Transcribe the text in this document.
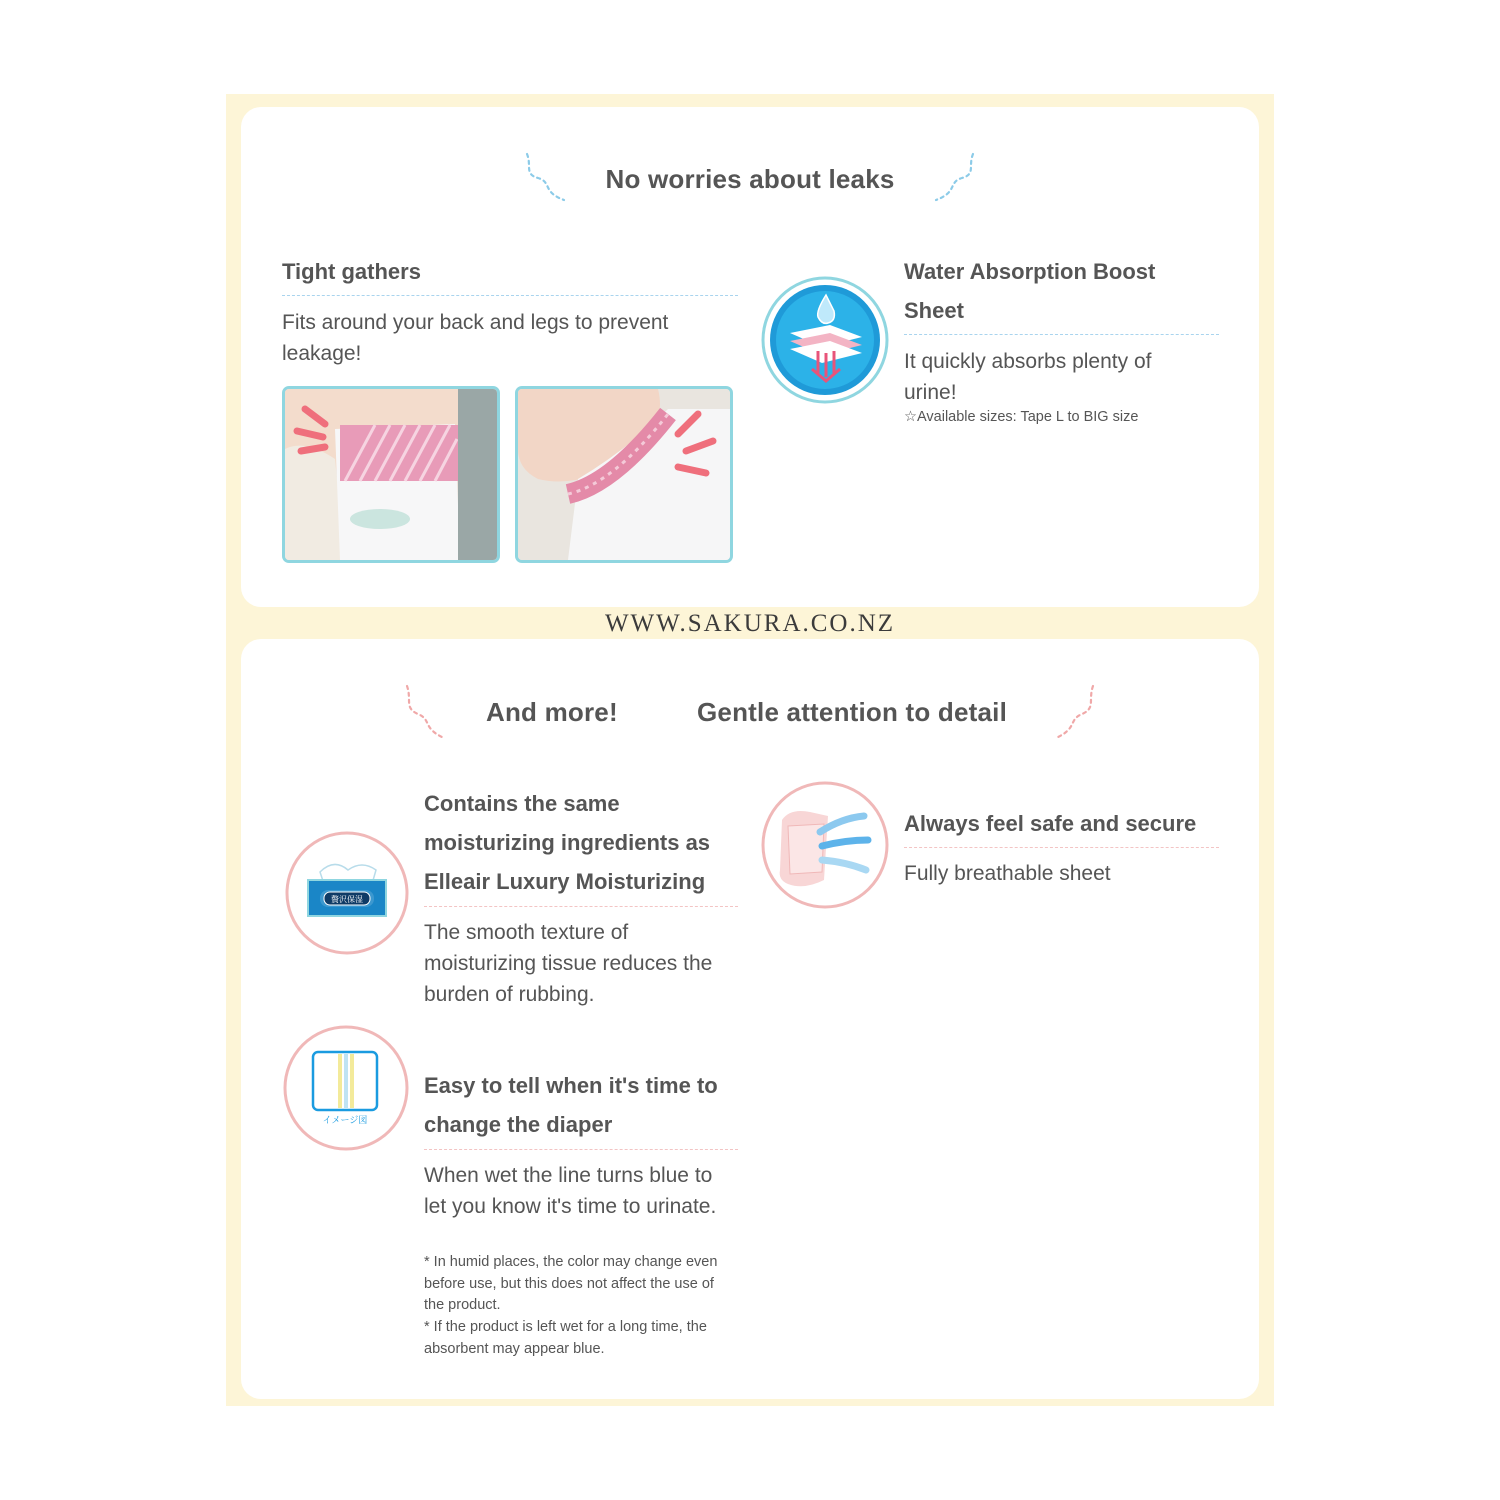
No worries about leaks
Tight gathers
Fits around your back and legs to prevent leakage!
Water Absorption Boost
Sheet
It quickly absorbs plenty of urine!
☆Available sizes: Tape L to BIG size
WWW.SAKURA.CO.NZ
And more!	Gentle attention to detail
贅沢保湿
Contains the same
moisturizing ingredients as
Elleair Luxury Moisturizing
The smooth texture of moisturizing tissue reduces the burden of rubbing.
Always feel safe and secure
Fully breathable sheet
イメージ図
Easy to tell when it's time to
change the diaper
When wet the line turns blue to let you know it's time to urinate.
* In humid places, the color may change even before use, but this does not affect the use of the product.
* If the product is left wet for a long time, the absorbent may appear blue.
